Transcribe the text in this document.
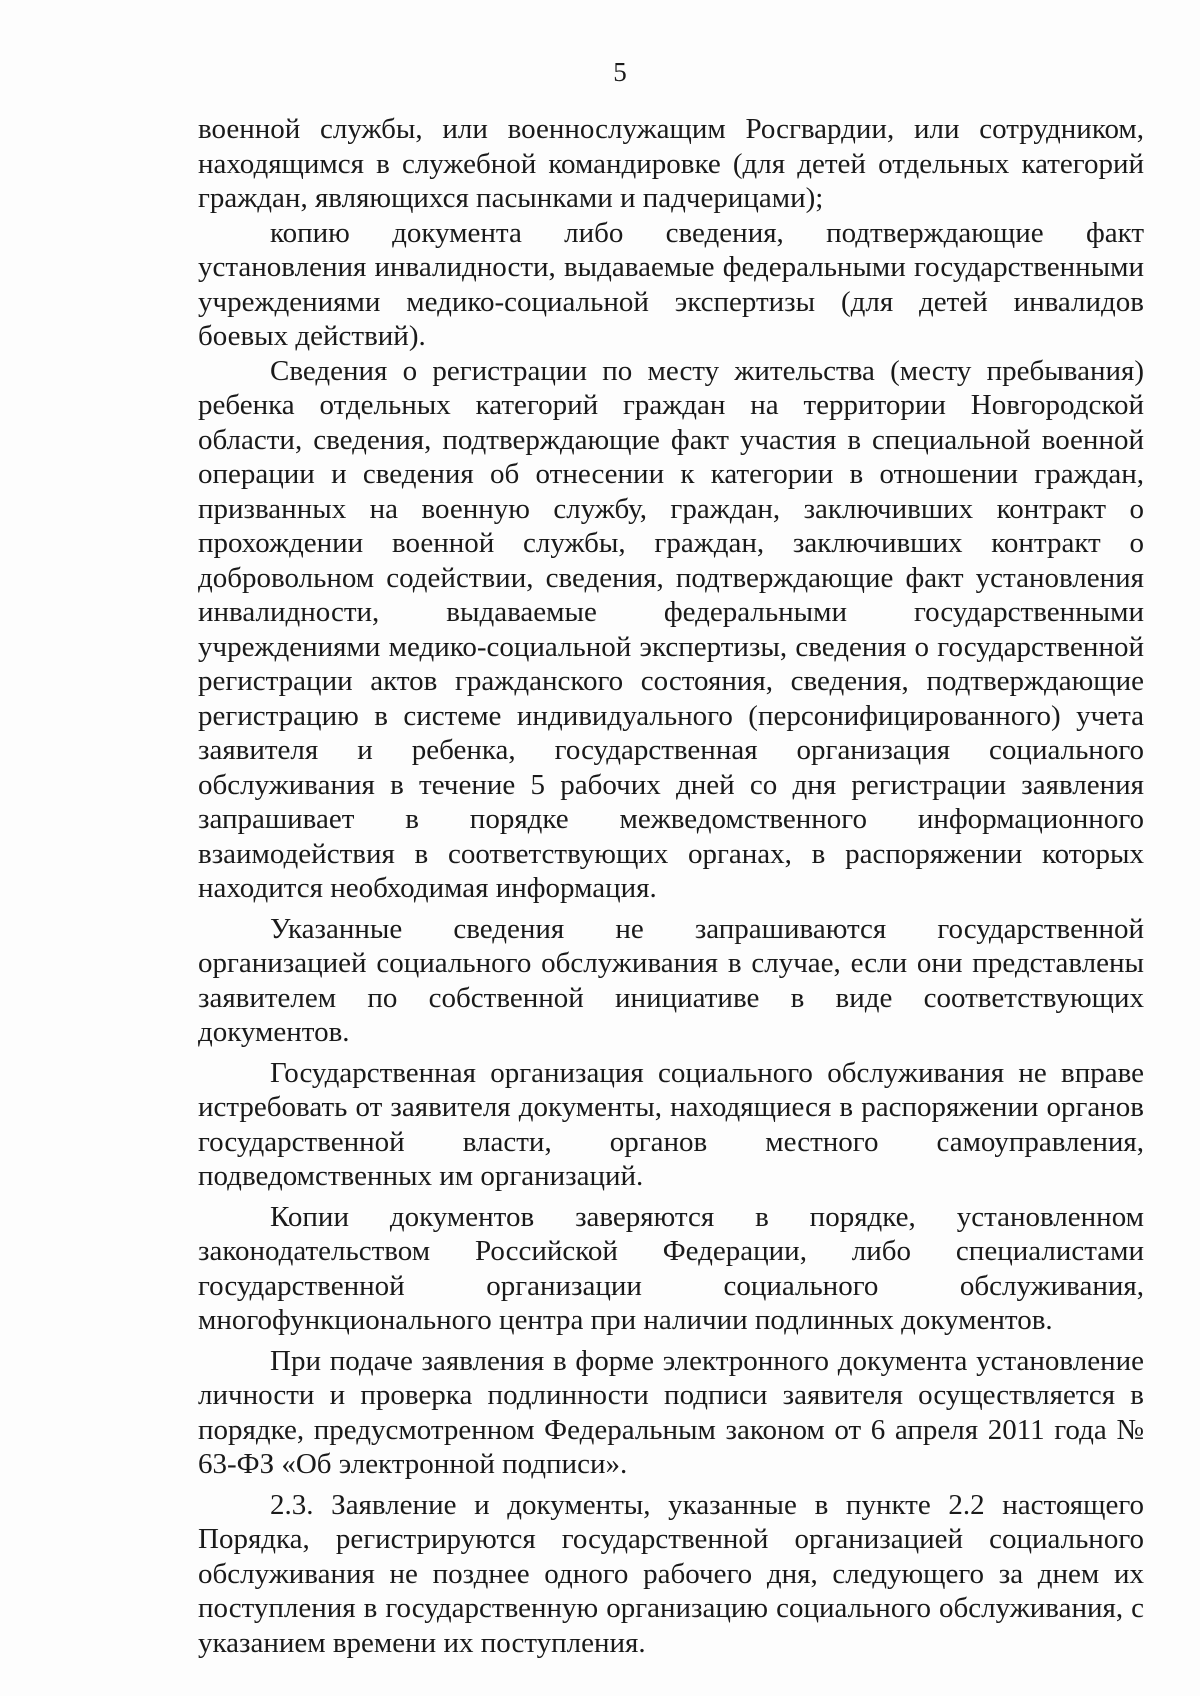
5

военной службы, или военнослужащим Росгвардии, или сотрудником, находящимся в служебной командировке (для детей отдельных категорий граждан, являющихся пасынками и падчерицами);

копию документа либо сведения, подтверждающие факт установления инвалидности, выдаваемые федеральными государственными учреждениями медико-социальной экспертизы (для детей инвалидов боевых действий).

Сведения о регистрации по месту жительства (месту пребывания) ребенка отдельных категорий граждан на территории Новгородской области, сведения, подтверждающие факт участия в специальной военной операции и сведения об отнесении к категории в отношении граждан, призванных на военную службу, граждан, заключивших контракт о прохождении военной службы, граждан, заключивших контракт о добровольном содействии, сведения, подтверждающие факт установления инвалидности, выдаваемые федеральными государственными учреждениями медико-социальной экспертизы, сведения о государственной регистрации актов гражданского состояния, сведения, подтверждающие регистрацию в системе индивидуального (персонифицированного) учета заявителя и ребенка, государственная организация социального обслуживания в течение 5 рабочих дней со дня регистрации заявления запрашивает в порядке межведомственного информационного взаимодействия в соответствующих органах, в распоряжении которых находится необходимая информация.

Указанные сведения не запрашиваются государственной организацией социального обслуживания в случае, если они представлены заявителем по собственной инициативе в виде соответствующих документов.

Государственная организация социального обслуживания не вправе истребовать от заявителя документы, находящиеся в распоряжении органов государственной власти, органов местного самоуправления, подведомственных им организаций.

Копии документов заверяются в порядке, установленном законодательством Российской Федерации, либо специалистами государственной организации социального обслуживания, многофункционального центра при наличии подлинных документов.

При подаче заявления в форме электронного документа установление личности и проверка подлинности подписи заявителя осуществляется в порядке, предусмотренном Федеральным законом от 6 апреля 2011 года № 63-ФЗ «Об электронной подписи».

2.3. Заявление и документы, указанные в пункте 2.2 настоящего Порядка, регистрируются государственной организацией социального обслуживания не позднее одного рабочего дня, следующего за днем их поступления в государственную организацию социального обслуживания, с указанием времени их поступления.
